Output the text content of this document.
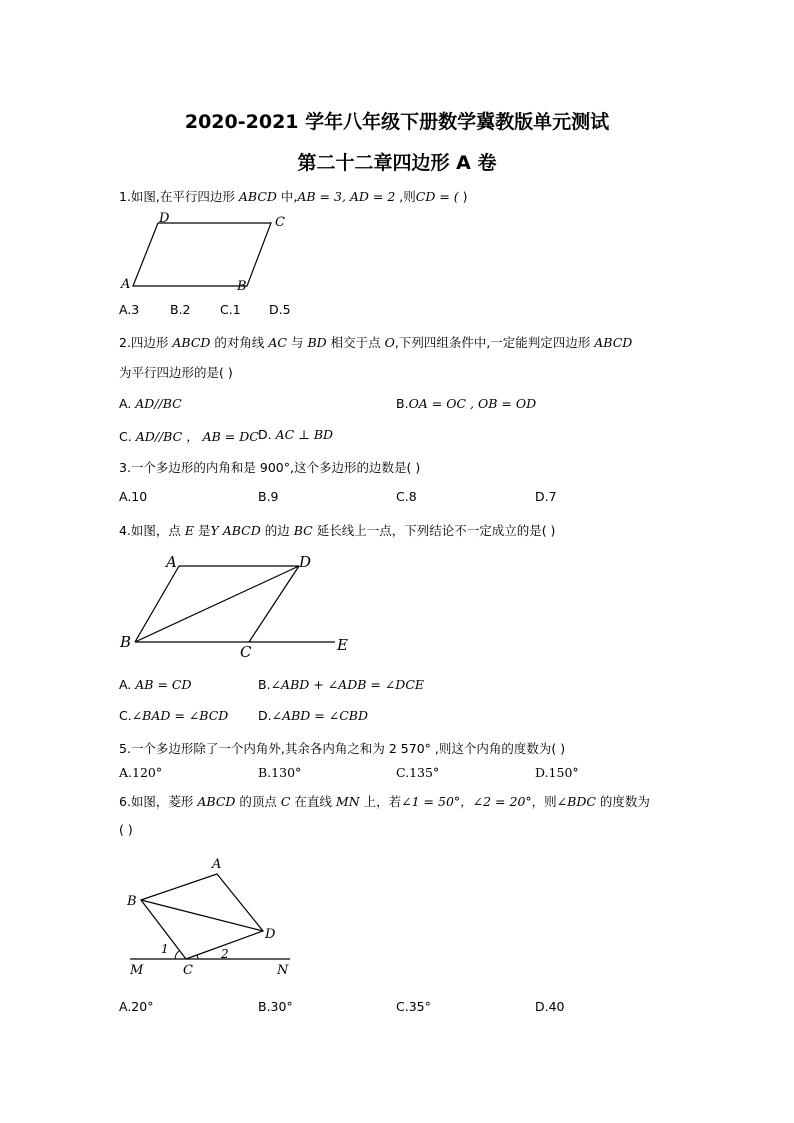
2020-2021 学年八年级下册数学冀教版单元测试
第二十二章四边形 A 卷
1.如图,在平行四边形 ABCD 中,AB = 3, AD = 2 ,则CD = ( )
D	C
A	B
A.3 B.2 C.1 D.5
2.四边形 ABCD 的对角线 AC 与 BD 相交于点 O,下列四组条件中,一定能判定四边形 ABCD
为平行四边形的是( )
A. AD//BC	B.OA = OC , OB = OD
C. AD//BC ， AB = DC D. AC ⊥ BD
3.一个多边形的内角和是 900°,这个多边形的边数是( )
A.10	B.9	C.8	D.7
4.如图，点 E 是Y ABCD 的边 BC 延长线上一点，下列结论不一定成立的是( )
A	D
B
C	E
A. AB = CD	B.∠ABD + ∠ADB = ∠DCE
C.∠BAD = ∠BCD D.∠ABD = ∠CBD
5.一个多边形除了一个内角外,其余各内角之和为 2 570° ,则这个内角的度数为( )
A.120°	B.130°	C.135°	D.150°
6.如图，菱形 ABCD 的顶点 C 在直线 MN 上，若∠1 = 50°，∠2 = 20°，则∠BDC 的度数为
( )
A
B
D
1	2
M	C	N
A.20°	B.30°	C.35°	D.40
